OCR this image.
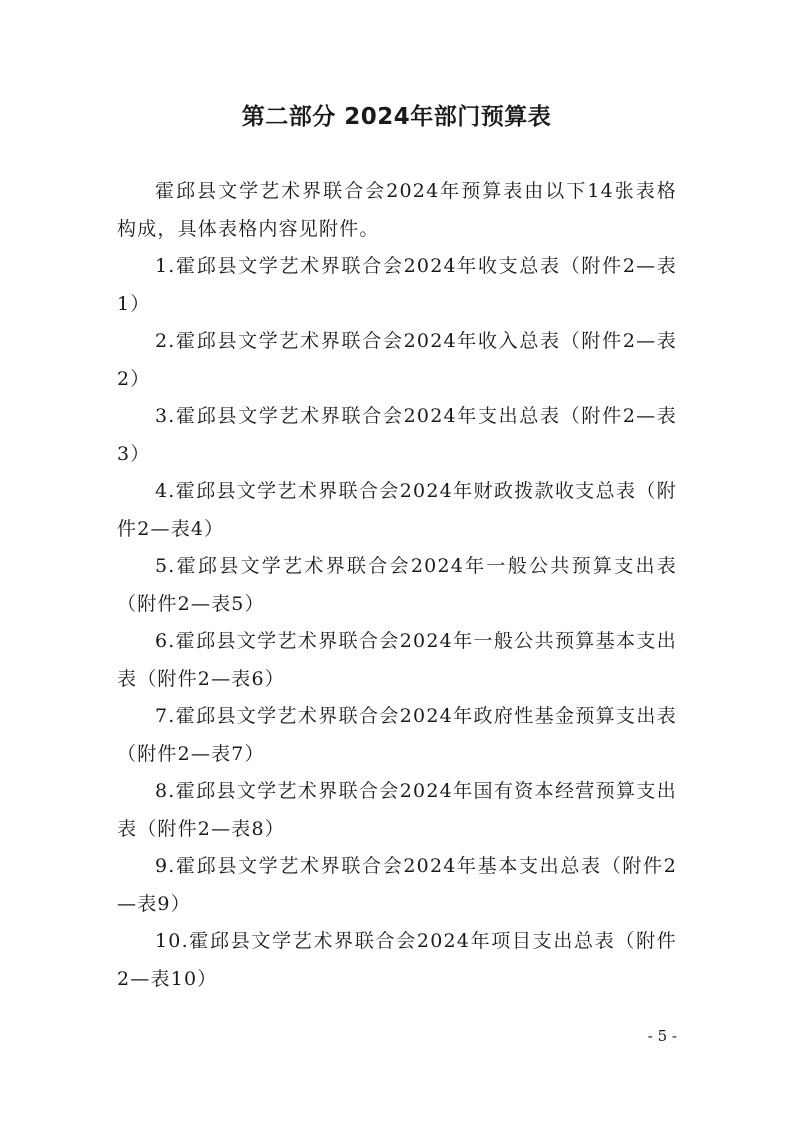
第二部分 2024年部门预算表

霍邱县文学艺术界联合会2024年预算表由以下14张表格构成，具体表格内容见附件。

1.霍邱县文学艺术界联合会2024年收支总表（附件2—表1）

2.霍邱县文学艺术界联合会2024年收入总表（附件2—表2）

3.霍邱县文学艺术界联合会2024年支出总表（附件2—表3）

4.霍邱县文学艺术界联合会2024年财政拨款收支总表（附件2—表4）

5.霍邱县文学艺术界联合会2024年一般公共预算支出表（附件2—表5）

6.霍邱县文学艺术界联合会2024年一般公共预算基本支出表（附件2—表6）

7.霍邱县文学艺术界联合会2024年政府性基金预算支出表（附件2—表7）

8.霍邱县文学艺术界联合会2024年国有资本经营预算支出表（附件2—表8）

9.霍邱县文学艺术界联合会2024年基本支出总表（附件2—表9）

10.霍邱县文学艺术界联合会2024年项目支出总表（附件2—表10）

- 5 -
